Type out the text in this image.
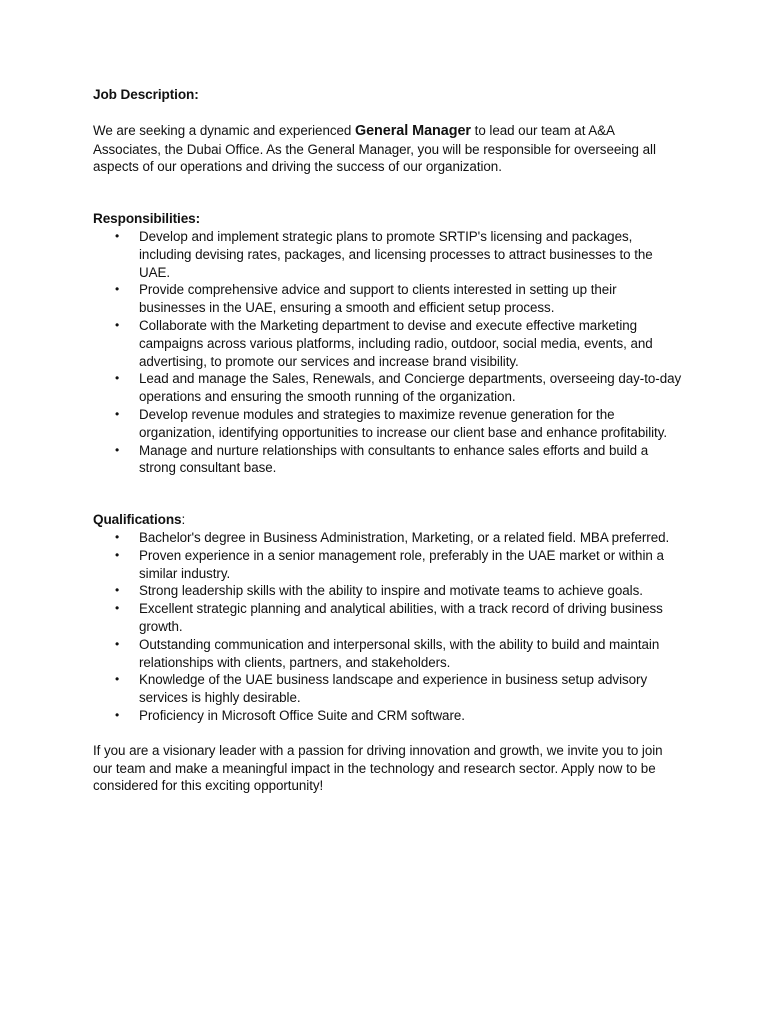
Job Description:

We are seeking a dynamic and experienced General Manager to lead our team at A&A Associates, the Dubai Office. As the General Manager, you will be responsible for overseeing all aspects of our operations and driving the success of our organization.

Responsibilities:

• Develop and implement strategic plans to promote SRTIP's licensing and packages, including devising rates, packages, and licensing processes to attract businesses to the UAE.
• Provide comprehensive advice and support to clients interested in setting up their businesses in the UAE, ensuring a smooth and efficient setup process.
• Collaborate with the Marketing department to devise and execute effective marketing campaigns across various platforms, including radio, outdoor, social media, events, and advertising, to promote our services and increase brand visibility.
• Lead and manage the Sales, Renewals, and Concierge departments, overseeing day-to-day operations and ensuring the smooth running of the organization.
• Develop revenue modules and strategies to maximize revenue generation for the organization, identifying opportunities to increase our client base and enhance profitability.
• Manage and nurture relationships with consultants to enhance sales efforts and build a strong consultant base.

Qualifications:

• Bachelor's degree in Business Administration, Marketing, or a related field. MBA preferred.
• Proven experience in a senior management role, preferably in the UAE market or within a similar industry.
• Strong leadership skills with the ability to inspire and motivate teams to achieve goals.
• Excellent strategic planning and analytical abilities, with a track record of driving business growth.
• Outstanding communication and interpersonal skills, with the ability to build and maintain relationships with clients, partners, and stakeholders.
• Knowledge of the UAE business landscape and experience in business setup advisory services is highly desirable.
• Proficiency in Microsoft Office Suite and CRM software.

If you are a visionary leader with a passion for driving innovation and growth, we invite you to join our team and make a meaningful impact in the technology and research sector. Apply now to be considered for this exciting opportunity!
